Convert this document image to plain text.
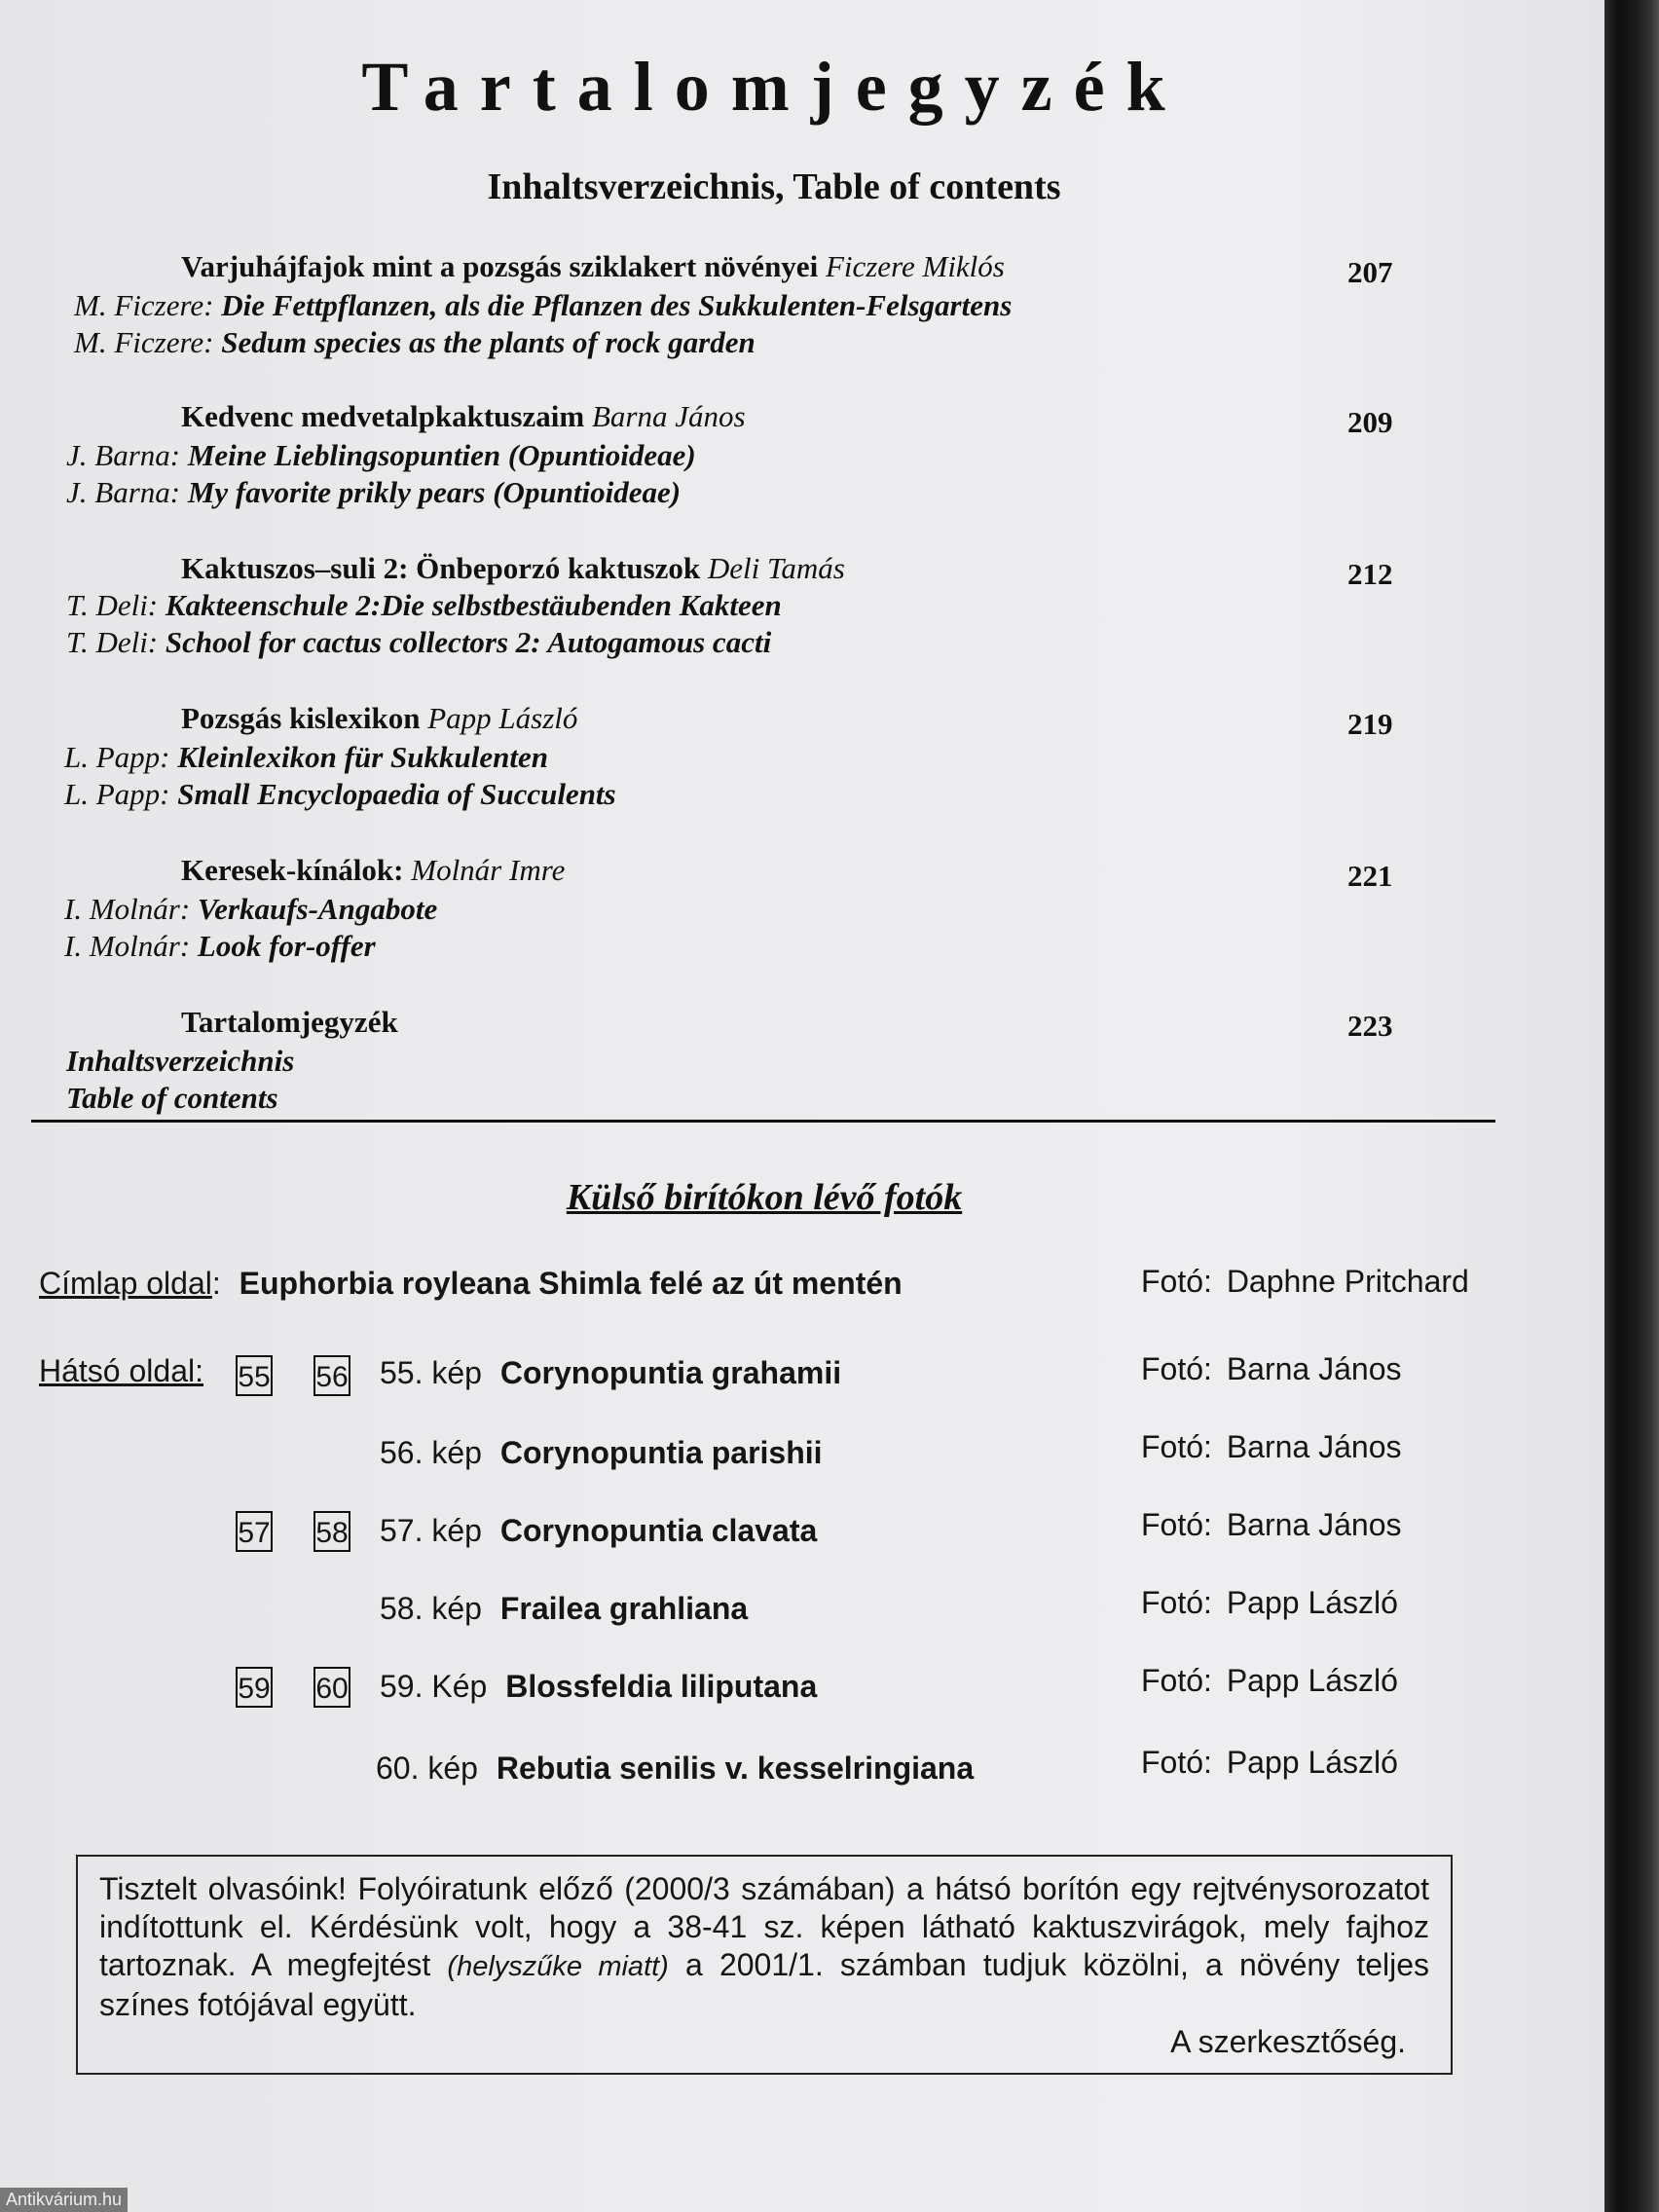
Tartalomjegyzék
Inhaltsverzeichnis, Table of contents
Varjuhájfajok mint a pozsgás sziklakert növényei Ficzere Miklós	207
M. Ficzere: Die Fettpflanzen, als die Pflanzen des Sukkulenten-Felsgartens
M. Ficzere: Sedum species as the plants of rock garden
Kedvenc medvetalpkaktuszaim Barna János	209
J. Barna: Meine Lieblingsopuntien (Opuntioideae)
J. Barna: My favorite prikly pears (Opuntioideae)
Kaktuszos–suli 2: Önbeporzó kaktuszok Deli Tamás	212
T. Deli: Kakteenschule 2:Die selbstbestäubenden Kakteen
T. Deli: School for cactus collectors 2: Autogamous cacti
Pozsgás kislexikon Papp László	219
L. Papp: Kleinlexikon für Sukkulenten
L. Papp: Small Encyclopaedia of Succulents
Keresek-kínálok: Molnár Imre	221
I. Molnár: Verkaufs-Angabote
I. Molnár: Look for-offer
Tartalomjegyzék	223
Inhaltsverzeichnis
Table of contents
Külső birítókon lévő fotók
Címlap oldal: Euphorbia royleana Shimla felé az út mentén	Fotó: Daphne Pritchard
Hátsó oldal: 55 56 55. kép Corynopuntia grahamii	Fotó: Barna János
56. kép Corynopuntia parishii	Fotó: Barna János
57 58 57. kép Corynopuntia clavata	Fotó: Barna János
58. kép Frailea grahliana	Fotó: Papp László
59 60 59. Kép Blossfeldia liliputana	Fotó: Papp László
60. kép Rebutia senilis v. kesselringiana	Fotó: Papp László
Tisztelt olvasóink! Folyóiratunk előző (2000/3 számában) a hátsó borítón egy rejtvénysorozatot indítottunk el. Kérdésünk volt, hogy a 38-41 sz. képen látható kaktuszvirágok, mely fajhoz tartoznak. A megfejtést (helyszűke miatt) a 2001/1. számban tudjuk közölni, a növény teljes színes fotójával együtt.
A szerkesztőség.
Antikvárium.hu
